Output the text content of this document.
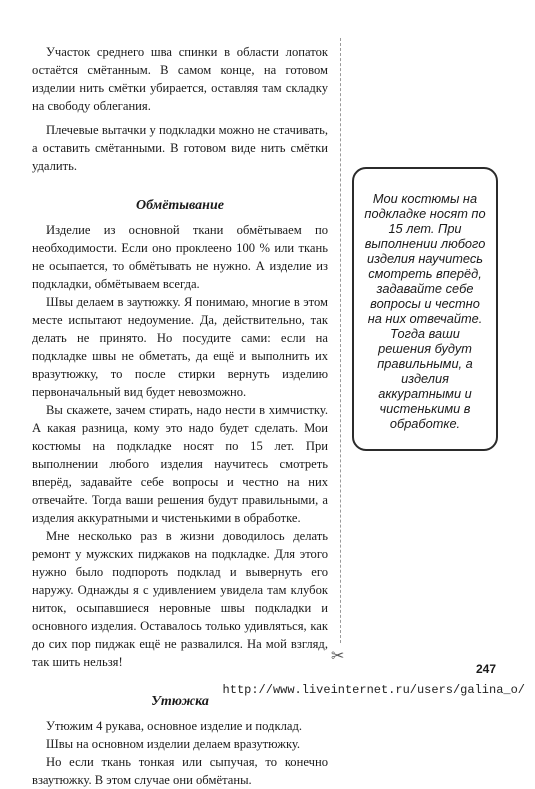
Участок среднего шва спинки в области лопаток остаётся смётанным. В самом конце, на готовом изделии нить смётки убирается, оставляя там складку на свободу облегания.

Плечевые вытачки у подкладки можно не стачивать, а оставить смётанными. В готовом виде нить смётки удалить.

Обмётывание

Изделие из основной ткани обмётываем по необходимости. Если оно проклеено 100 % или ткань не осыпается, то обмётывать не нужно. А изделие из подкладки, обмётываем всегда.

Швы делаем в заутюжку. Я понимаю, многие в этом месте испытают недоумение. Да, действительно, так делать не принято. Но посудите сами: если на подкладке швы не обметать, да ещё и выполнить их вразутюжку, то после стирки вернуть изделию первоначальный вид будет невозможно.

Вы скажете, зачем стирать, надо нести в химчистку. А какая разница, кому это надо будет сделать. Мои костюмы на подкладке носят по 15 лет. При выполнении любого изделия научитесь смотреть вперёд, задавайте себе вопросы и честно на них отвечайте. Тогда ваши решения будут правильными, а изделия аккуратными и чистенькими в обработке.

Мне несколько раз в жизни доводилось делать ремонт у мужских пиджаков на подкладке. Для этого нужно было подпороть подклад и вывернуть его наружу. Однажды я с удивлением увидела там клубок ниток, осыпавшиеся неровные швы подкладки и основного изделия. Оставалось только удивляться, как до сих пор пиджак ещё не развалился. На мой взгляд, так шить нельзя!

Утюжка

Утюжим 4 рукава, основное изделие и подклад.

Швы на основном изделии делаем вразутюжку.

Но если ткань тонкая или сыпучая, то конечно взаутюжку. В этом случае они обмётаны.

✂

Мои костюмы на подкладке носят по 15 лет. При выполнении любого изделия научитесь смотреть вперёд, задавайте себе вопросы и честно на них отвечайте. Тогда ваши решения будут правильными, а изделия аккуратными и чистенькими в обработке.

247
http://www.liveinternet.ru/users/galina_o/
